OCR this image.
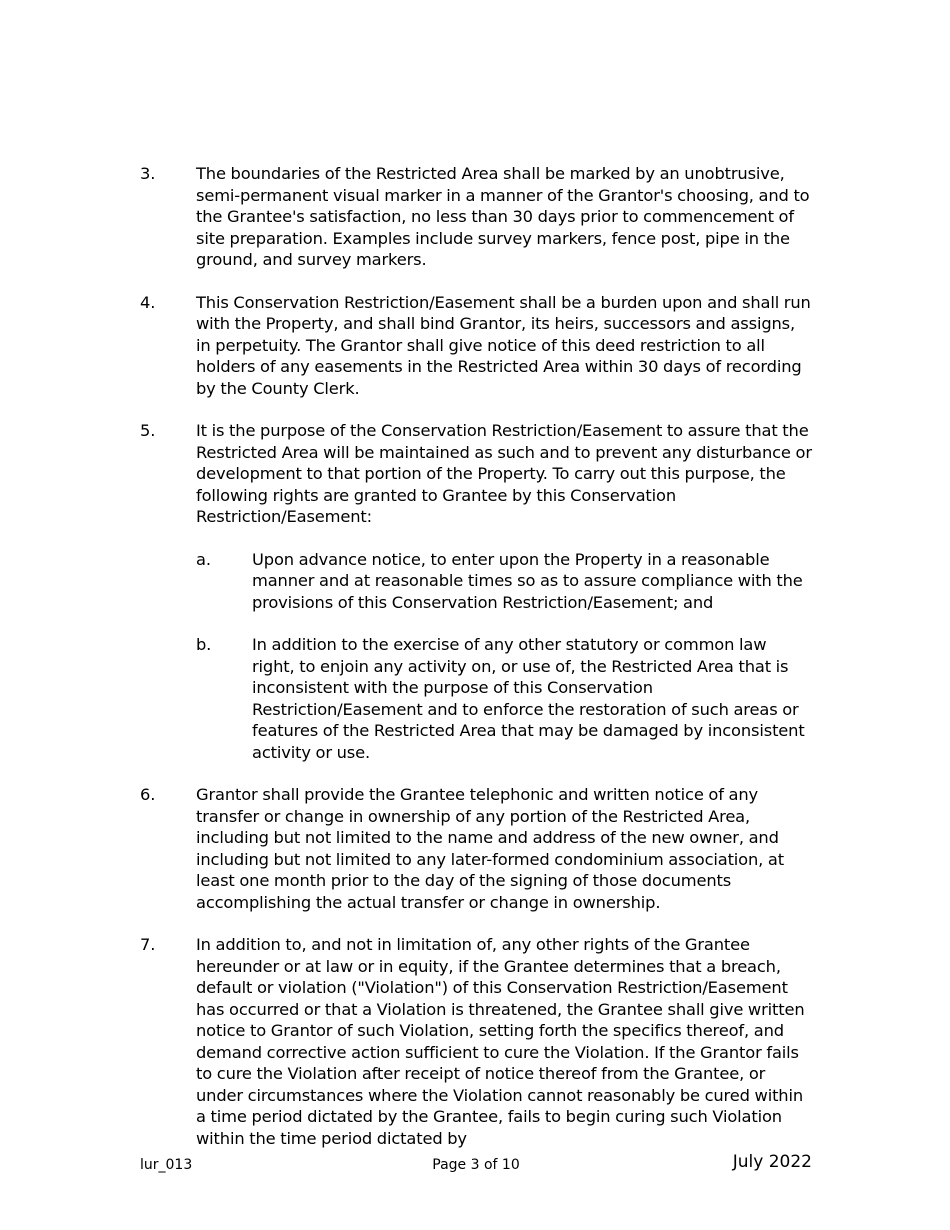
3.	The boundaries of the Restricted Area shall be marked by an unobtrusive, semi-permanent visual marker in a manner of the Grantor's choosing, and to the Grantee's satisfaction, no less than 30 days prior to commencement of site preparation. Examples include survey markers, fence post, pipe in the ground, and survey markers.
4.	This Conservation Restriction/Easement shall be a burden upon and shall run with the Property, and shall bind Grantor, its heirs, successors and assigns, in perpetuity. The Grantor shall give notice of this deed restriction to all holders of any easements in the Restricted Area within 30 days of recording by the County Clerk.
5.	It is the purpose of the Conservation Restriction/Easement to assure that the Restricted Area will be maintained as such and to prevent any disturbance or development to that portion of the Property. To carry out this purpose, the following rights are granted to Grantee by this Conservation Restriction/Easement:
a.	Upon advance notice, to enter upon the Property in a reasonable manner and at reasonable times so as to assure compliance with the provisions of this Conservation Restriction/Easement; and
b.	In addition to the exercise of any other statutory or common law right, to enjoin any activity on, or use of, the Restricted Area that is inconsistent with the purpose of this Conservation Restriction/Easement and to enforce the restoration of such areas or features of the Restricted Area that may be damaged by inconsistent activity or use.
6.	Grantor shall provide the Grantee telephonic and written notice of any transfer or change in ownership of any portion of the Restricted Area, including but not limited to the name and address of the new owner, and including but not limited to any later-formed condominium association, at least one month prior to the day of the signing of those documents accomplishing the actual transfer or change in ownership.
7.	In addition to, and not in limitation of, any other rights of the Grantee hereunder or at law or in equity, if the Grantee determines that a breach, default or violation ("Violation") of this Conservation Restriction/Easement has occurred or that a Violation is threatened, the Grantee shall give written notice to Grantor of such Violation, setting forth the specifics thereof, and demand corrective action sufficient to cure the Violation. If the Grantor fails to cure the Violation after receipt of notice thereof from the Grantee, or under circumstances where the Violation cannot reasonably be cured within a time period dictated by the Grantee, fails to begin curing such Violation within the time period dictated by
lur_013	Page 3 of 10	July 2022
